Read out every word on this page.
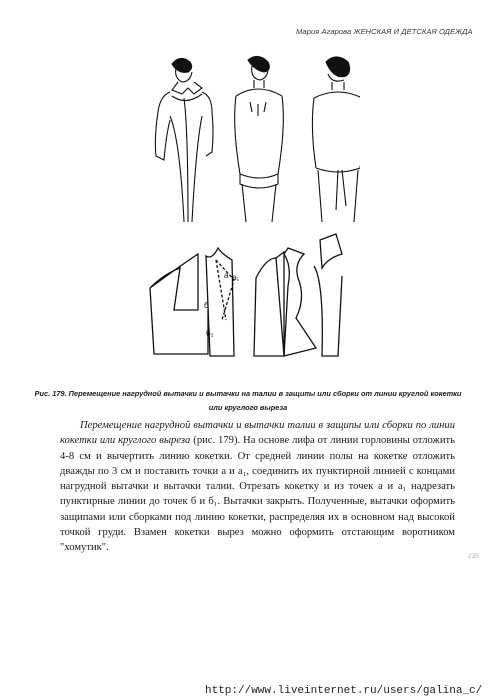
Мария Агарова ЖЕНСКАЯ И ДЕТСКАЯ ОДЕЖДА
a a₁
б
б₂
Рис. 179. Перемещение нагрудной вытачки и вытачки на талии в защипы или сборки от линии круглой кокетки или круглого выреза

Перемещение нагрудной вытачки и вытачки талии в защипы или сборки по линии кокетки или круглого выреза (рис. 179). На основе лифа от линии горловины отложить 4-8 см и вычертить линию кокетки. От средней линии полы на кокетке отложить дважды по 3 см и поставить точки а и а₁, соединить их пунктирной линией с концами нагрудной вытачки и вытачки талии. Отрезать кокетку и из точек а и а₁ надрезать пунктирные линии до точек б и б₁. Вытачки закрыть. Полученные, вытачки оформить защипами или сборками под линию кокетки, распределяя их в основном над высокой точкой груди. Взамен кокетки вырез можно оформить отстающим воротником "хомутик".

235
http://www.liveinternet.ru/users/galina_c/
